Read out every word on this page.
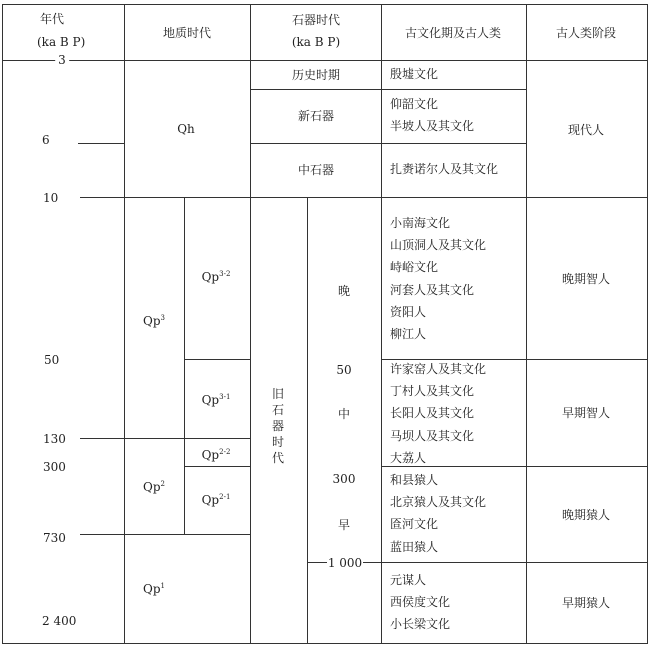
年代
(ka B P)
地质时代
石器时代
(ka B P)
古文化期及古人类	古人类阶段
3
6
10
50
130
300
730
2 400
Qh
Qp$^3$
Qp$^{3-2}$
Qp$^{3-1}$
Qp$^2$
Qp$^{2-2}$
Qp$^{2-1}$
Qp$^1$
历史时期
新石器
中石器
旧石器时代
晚
50
中
300
早
1 000
殷墟文化
仰韶文化
半坡人及其文化
扎赉诺尔人及其文化
小南海文化
山顶洞人及其文化
峙峪文化
河套人及其文化
资阳人
柳江人
许家窑人及其文化
丁村人及其文化
长阳人及其文化
马坝人及其文化
大荔人
和县猿人
北京猿人及其文化
匼河文化
蓝田猿人
元谋人
西侯度文化
小长梁文化
现代人
晚期智人
早期智人
晚期猿人
早期猿人
